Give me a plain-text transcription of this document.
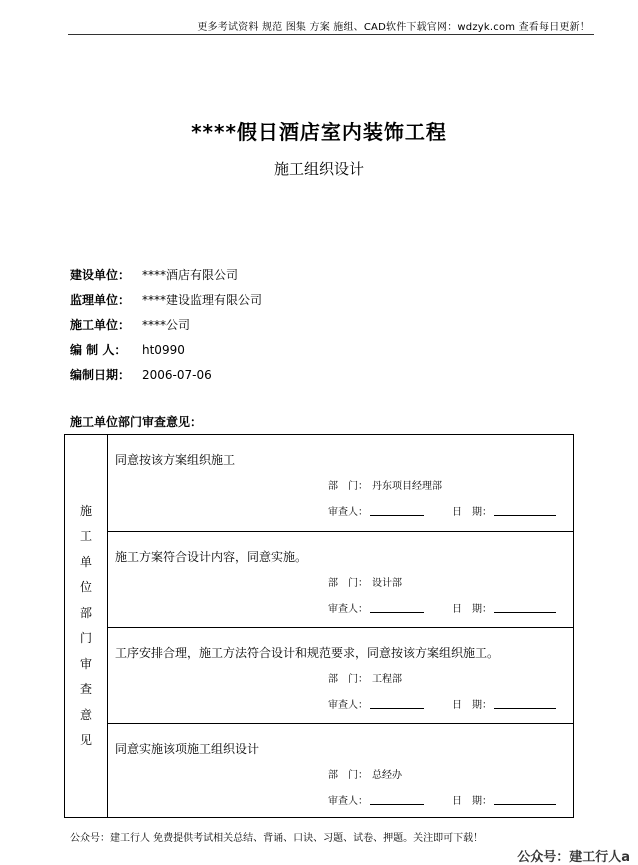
更多考试资料 规范 图集 方案 施组、CAD软件下载官网：wdzyk.com 查看每日更新！
****假日酒店室内装饰工程
施工组织设计
建设单位： ****酒店有限公司
监理单位： ****建设监理有限公司
施工单位： ****公司
编 制 人：	ht0990
编制日期： 2006-07-06
施工单位部门审查意见：
施
工
单
位
部
门
审
查
意
见
同意按该方案组织施工
部　门： 丹东项目经理部
审查人：	日　期：
施工方案符合设计内容，同意实施。
部　门： 设计部
审查人：	日　期：
工序安排合理，施工方法符合设计和规范要求，同意按该方案组织施工。
部　门： 工程部
审查人：	日　期：
同意实施该项施工组织设计
部　门： 总经办
审查人：	日　期：
公众号：建工行人 免费提供考试相关总结、背诵、口诀、习题、试卷、押题。关注即可下载！
公众号：建工行人a
